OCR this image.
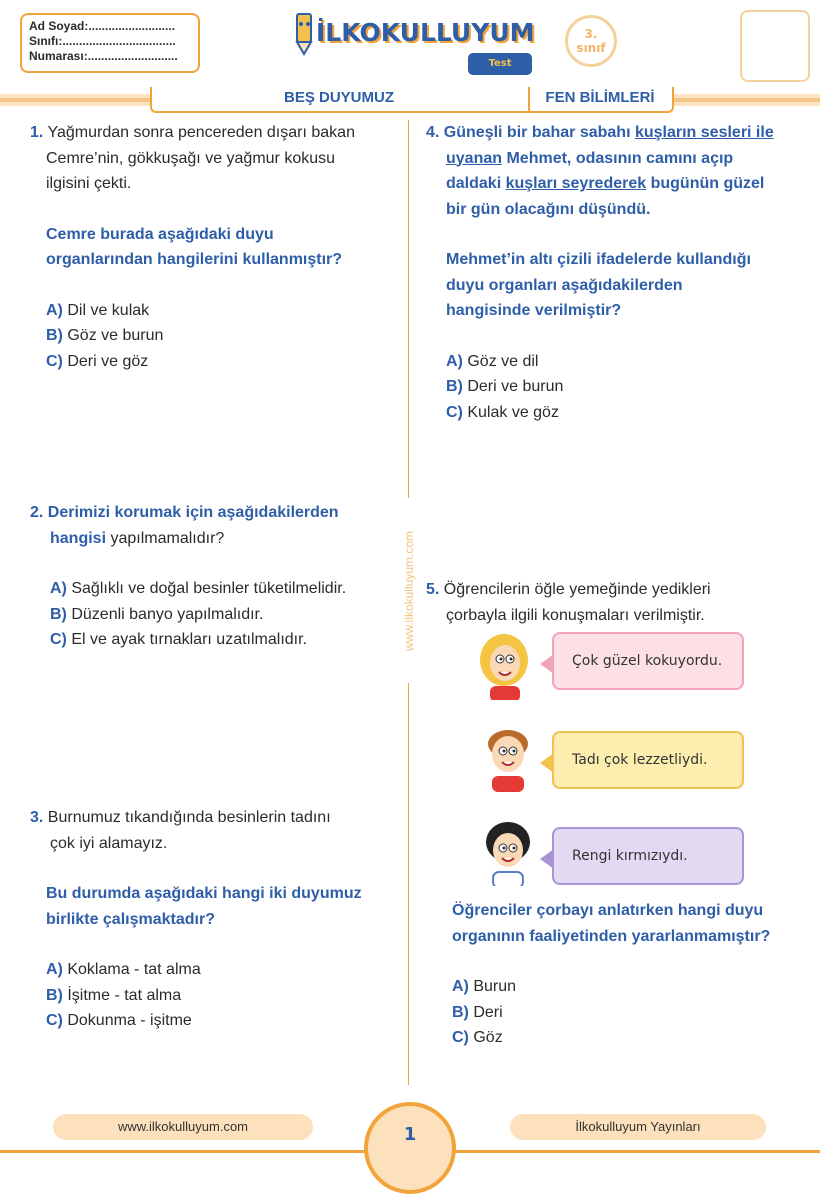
Ad Soyad:..........................
Sınıfı:..................................
Numarası:...........................
İLKOKULLUYUM
Test
3.
sınıf
BEŞ DUYUMUZ	FEN BİLİMLERİ
www.ilkokulluyum.com
1. Yağmurdan sonra pencereden dışarı bakan
Cemre’nin, gökkuşağı ve yağmur kokusu
ilgisini çekti.
Cemre burada aşağıdaki duyu
organlarından hangilerini kullanmıştır?
A) Dil ve kulak
B) Göz ve burun
C) Deri ve göz
2. Derimizi korumak için aşağıdakilerden
hangisi yapılmamalıdır?
A) Sağlıklı ve doğal besinler tüketilmelidir.
B) Düzenli banyo yapılmalıdır.
C) El ve ayak tırnakları uzatılmalıdır.
3. Burnumuz tıkandığında besinlerin tadını
çok iyi alamayız.
Bu durumda aşağıdaki hangi iki duyumuz
birlikte çalışmaktadır?
A) Koklama - tat alma
B) İşitme - tat alma
C) Dokunma - işitme
4. Güneşli bir bahar sabahı kuşların sesleri ile
uyanan Mehmet, odasının camını açıp
daldaki kuşları seyrederek bugünün güzel
bir gün olacağını düşündü.
Mehmet’in altı çizili ifadelerde kullandığı
duyu organları aşağıdakilerden
hangisinde verilmiştir?
A) Göz ve dil
B) Deri ve burun
C) Kulak ve göz
5. Öğrencilerin öğle yemeğinde yedikleri
çorbayla ilgili konuşmaları verilmiştir.
Çok güzel kokuyordu.
Tadı çok lezzetliydi.
Rengi kırmızıydı.
Öğrenciler çorbayı anlatırken hangi duyu
organının faaliyetinden yararlanmamıştır?
A) Burun
B) Deri
C) Göz
www.ilkokulluyum.com	İlkokulluyum Yayınları
1
